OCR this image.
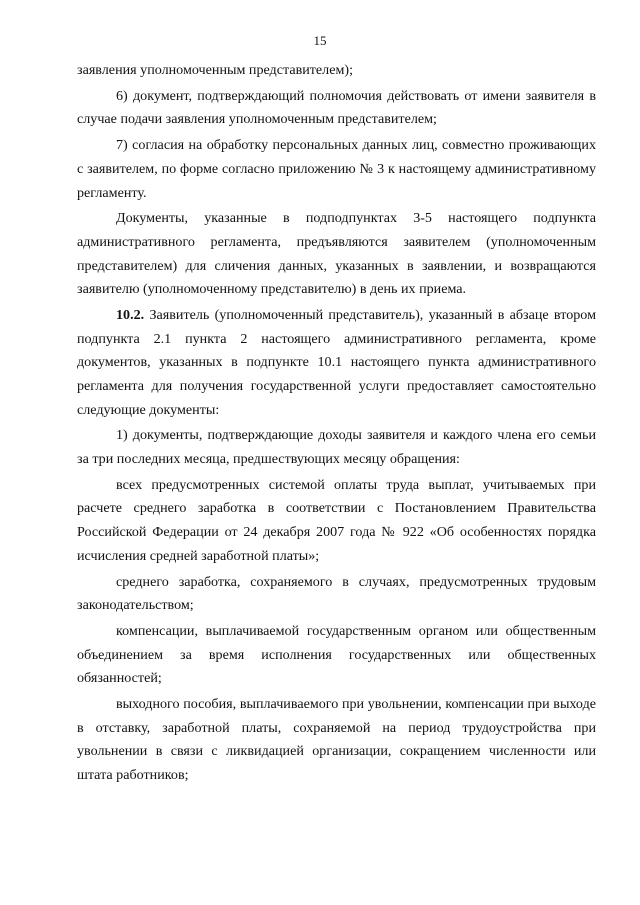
15

заявления уполномоченным представителем);

6) документ, подтверждающий полномочия действовать от имени заявителя в случае подачи заявления уполномоченным представителем;

7) согласия на обработку персональных данных лиц, совместно проживающих с заявителем, по форме согласно приложению № 3 к настоящему административному регламенту.

Документы, указанные в подподпунктах 3-5 настоящего подпункта административного регламента, предъявляются заявителем (уполномоченным представителем) для сличения данных, указанных в заявлении, и возвращаются заявителю (уполномоченному представителю) в день их приема.

10.2. Заявитель (уполномоченный представитель), указанный в абзаце втором подпункта 2.1 пункта 2 настоящего административного регламента, кроме документов, указанных в подпункте 10.1 настоящего пункта административного регламента для получения государственной услуги предоставляет самостоятельно следующие документы:

1) документы, подтверждающие доходы заявителя и каждого члена его семьи за три последних месяца, предшествующих месяцу обращения:

всех предусмотренных системой оплаты труда выплат, учитываемых при расчете среднего заработка в соответствии с Постановлением Правительства Российской Федерации от 24 декабря 2007 года № 922 «Об особенностях порядка исчисления средней заработной платы»;

среднего заработка, сохраняемого в случаях, предусмотренных трудовым законодательством;

компенсации, выплачиваемой государственным органом или общественным объединением за время исполнения государственных или общественных обязанностей;

выходного пособия, выплачиваемого при увольнении, компенсации при выходе в отставку, заработной платы, сохраняемой на период трудоустройства при увольнении в связи с ликвидацией организации, сокращением численности или штата работников;
